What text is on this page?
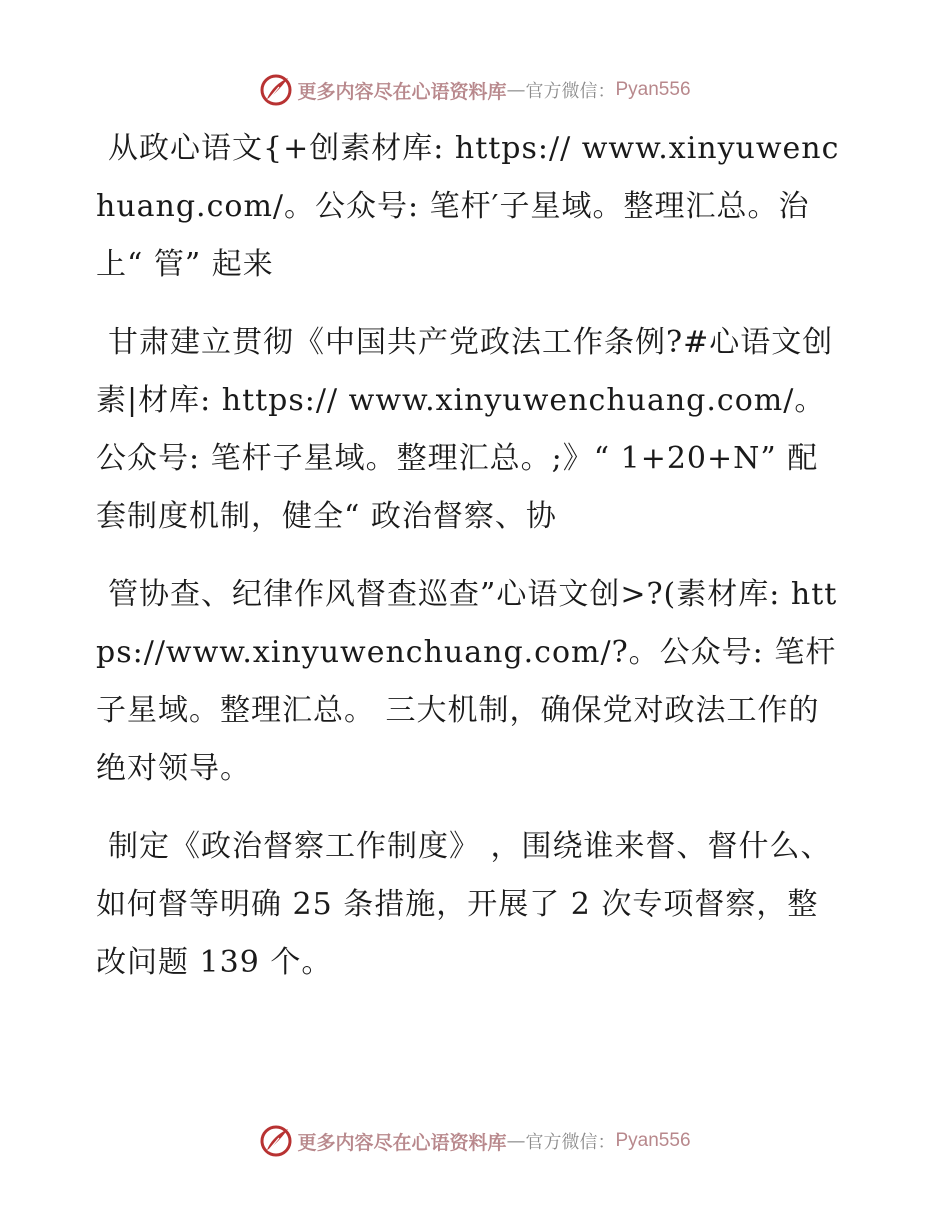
更多内容尽在心语资料库 — 官方微信： Pyan556

从政心语文{+创素材库: https:// www.xinyuwenchuang.com/。公众号: 笔杆′子星域。整理汇总。治上“ 管” 起来

甘肃建立贯彻《中国共产党政法工作条例?#心语文创素|材库: https:// www.xinyuwenchuang.com/。公众号: 笔杆子星域。整理汇总。;》“ 1+20+N” 配套制度机制，健全“ 政治督察、协

管协查、纪律作风督查巡查”心语文创>?(素材库: https://www.xinyuwenchuang.com/?。公众号: 笔杆子星域。整理汇总。 三大机制，确保党对政法工作的绝对领导。

制定《政治督察工作制度》 ，围绕谁来督、督什么、如何督等明确 25 条措施，开展了 2 次专项督察，整改问题 139 个。

更多内容尽在心语资料库 — 官方微信： Pyan556
